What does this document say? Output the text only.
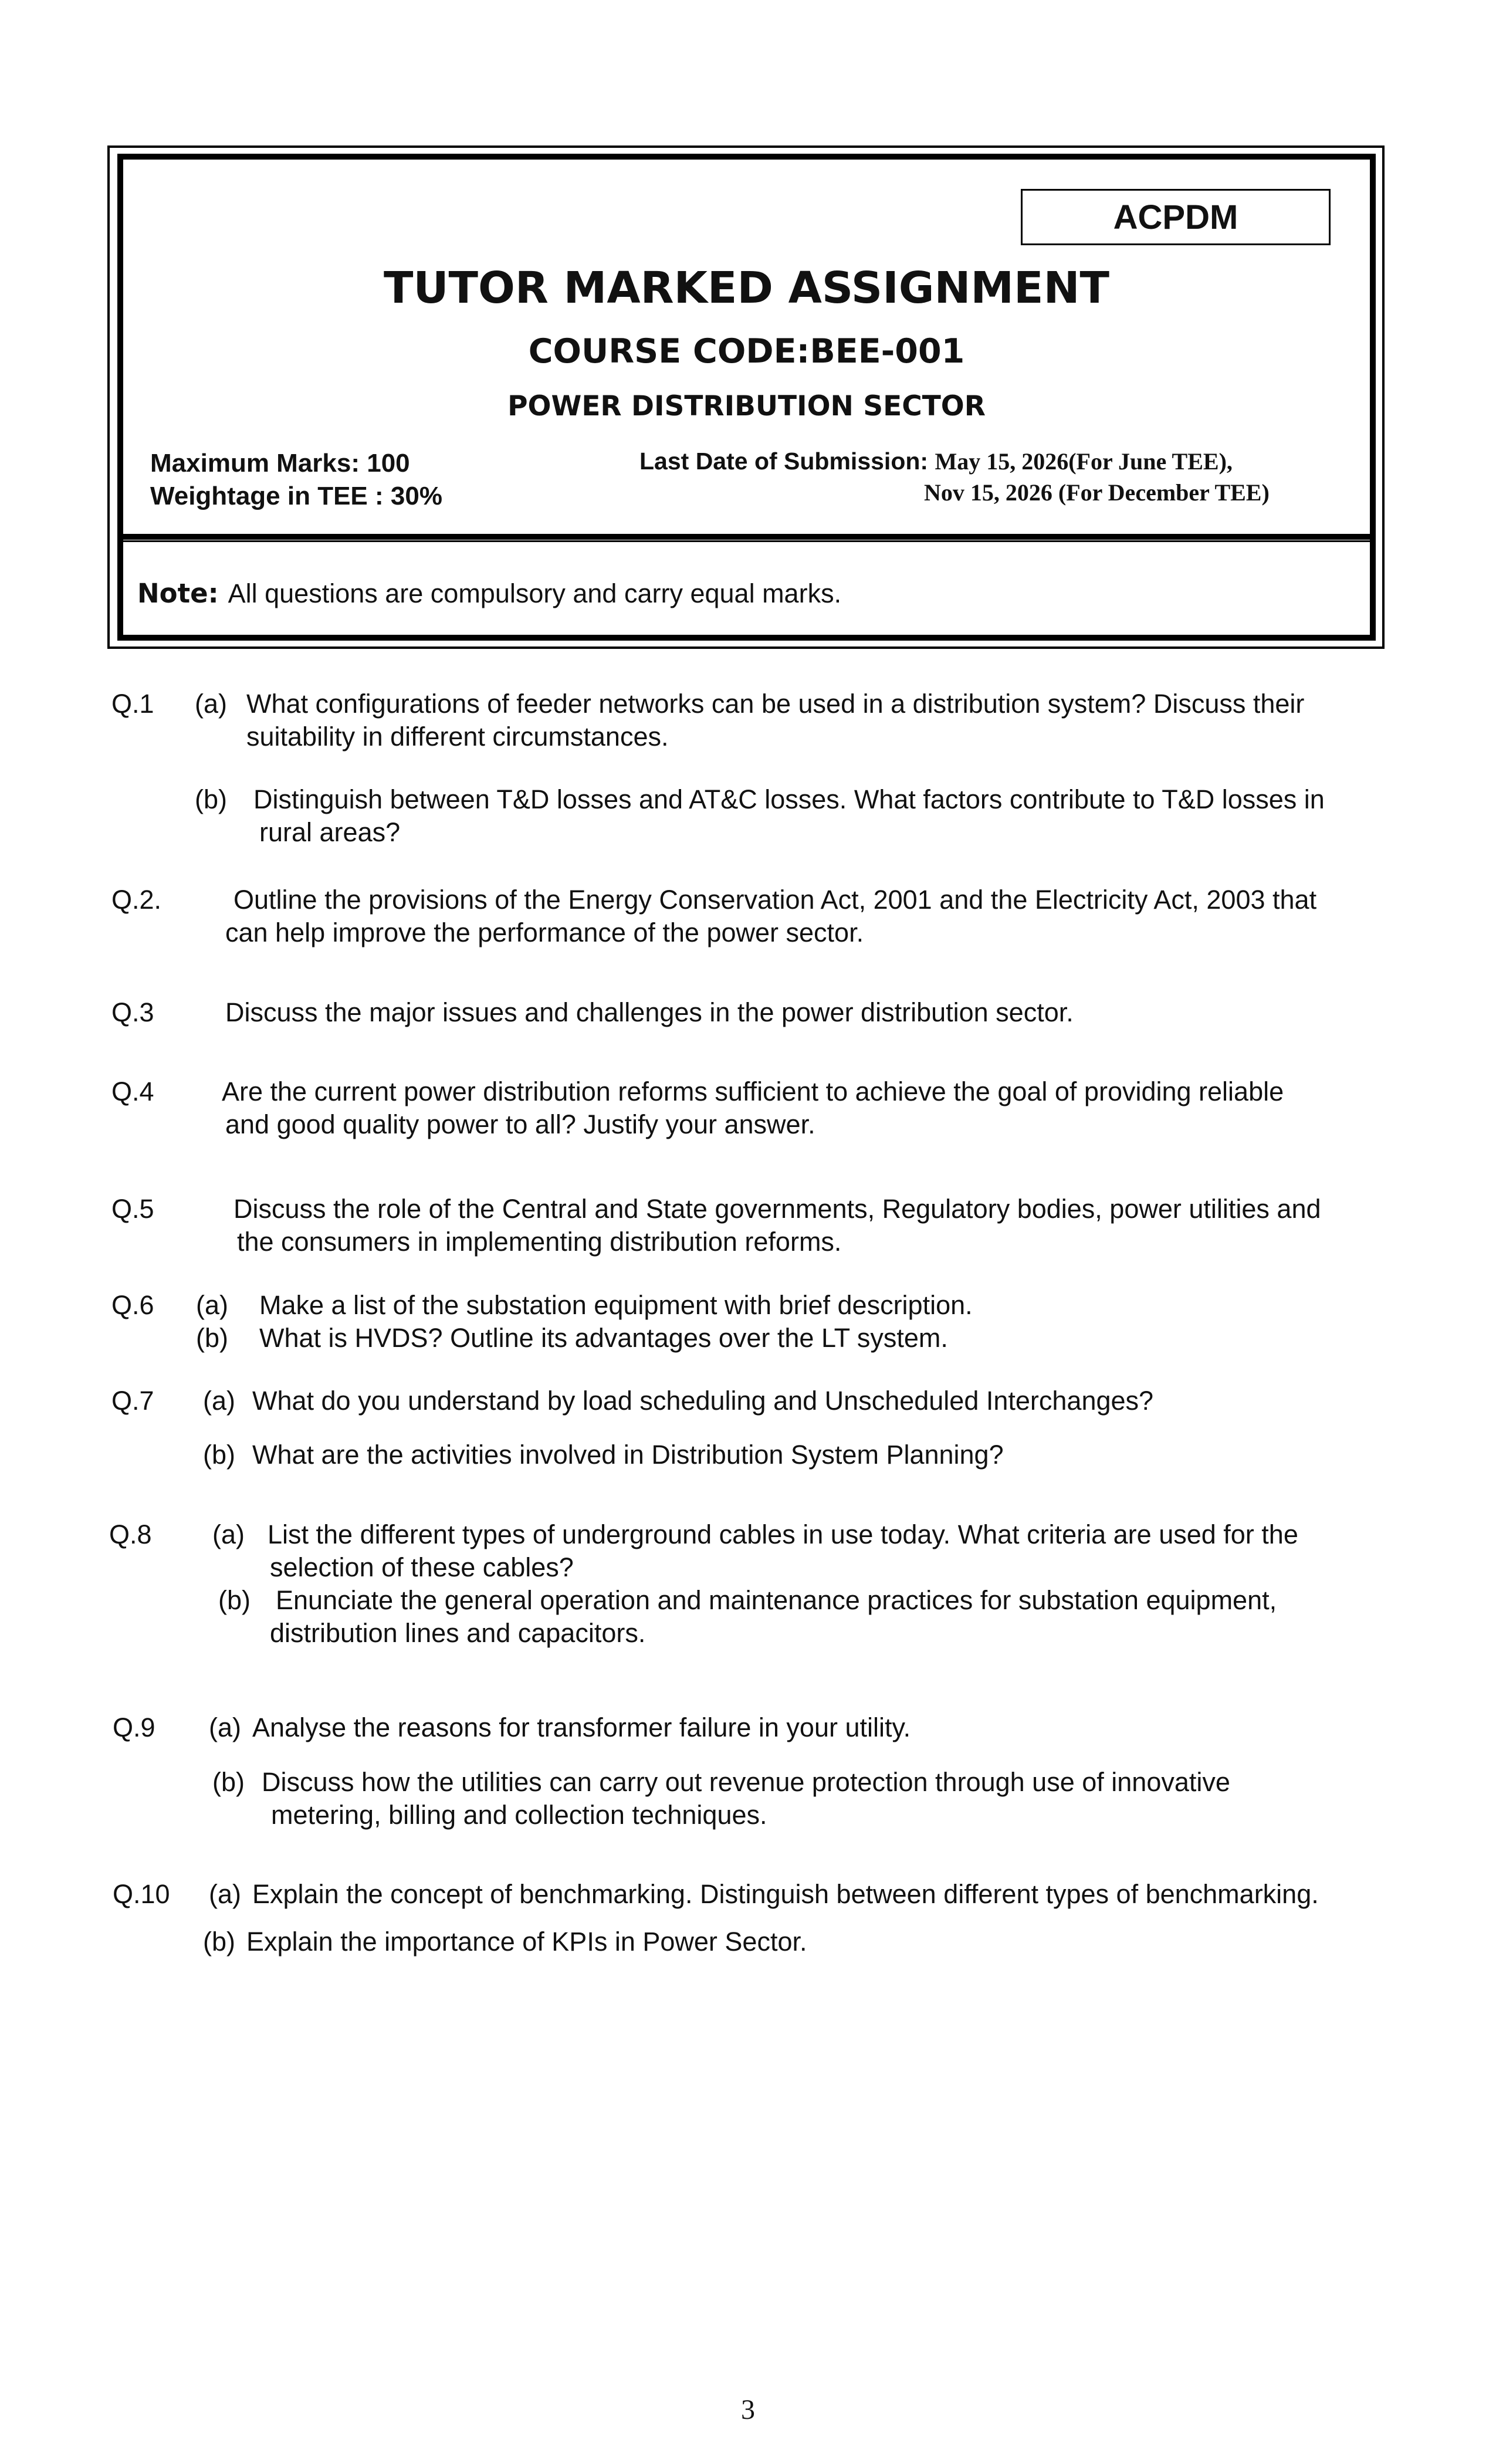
ACPDM
TUTOR MARKED ASSIGNMENT
COURSE CODE:BEE-001
POWER DISTRIBUTION SECTOR
Maximum Marks: 100
Weightage in TEE : 30%
Last Date of Submission: May 15, 2026(For June TEE),
Nov 15, 2026 (For December TEE)
Note: All questions are compulsory and carry equal marks.
Q.1 (a) What configurations of feeder networks can be used in a distribution system? Discuss their
suitability in different circumstances.
(b) Distinguish between T&D losses and AT&C losses. What factors contribute to T&D losses in
rural areas?
Q.2.	Outline the provisions of the Energy Conservation Act, 2001 and the Electricity Act, 2003 that
can help improve the performance of the power sector.
Q.3	Discuss the major issues and challenges in the power distribution sector.
Q.4	Are the current power distribution reforms sufficient to achieve the goal of providing reliable
and good quality power to all? Justify your answer.
Q.5	Discuss the role of the Central and State governments, Regulatory bodies, power utilities and
the consumers in implementing distribution reforms.
Q.6 (a) Make a list of the substation equipment with brief description.
(b) What is HVDS? Outline its advantages over the LT system.
Q.7 (a) What do you understand by load scheduling and Unscheduled Interchanges?
(b) What are the activities involved in Distribution System Planning?
Q.8 (a) List the different types of underground cables in use today. What criteria are used for the
selection of these cables?
(b) Enunciate the general operation and maintenance practices for substation equipment,
distribution lines and capacitors.
Q.9 (a) Analyse the reasons for transformer failure in your utility.
(b) Discuss how the utilities can carry out revenue protection through use of innovative
metering, billing and collection techniques.
Q.10 (a) Explain the concept of benchmarking. Distinguish between different types of benchmarking.
(b) Explain the importance of KPIs in Power Sector.
3
